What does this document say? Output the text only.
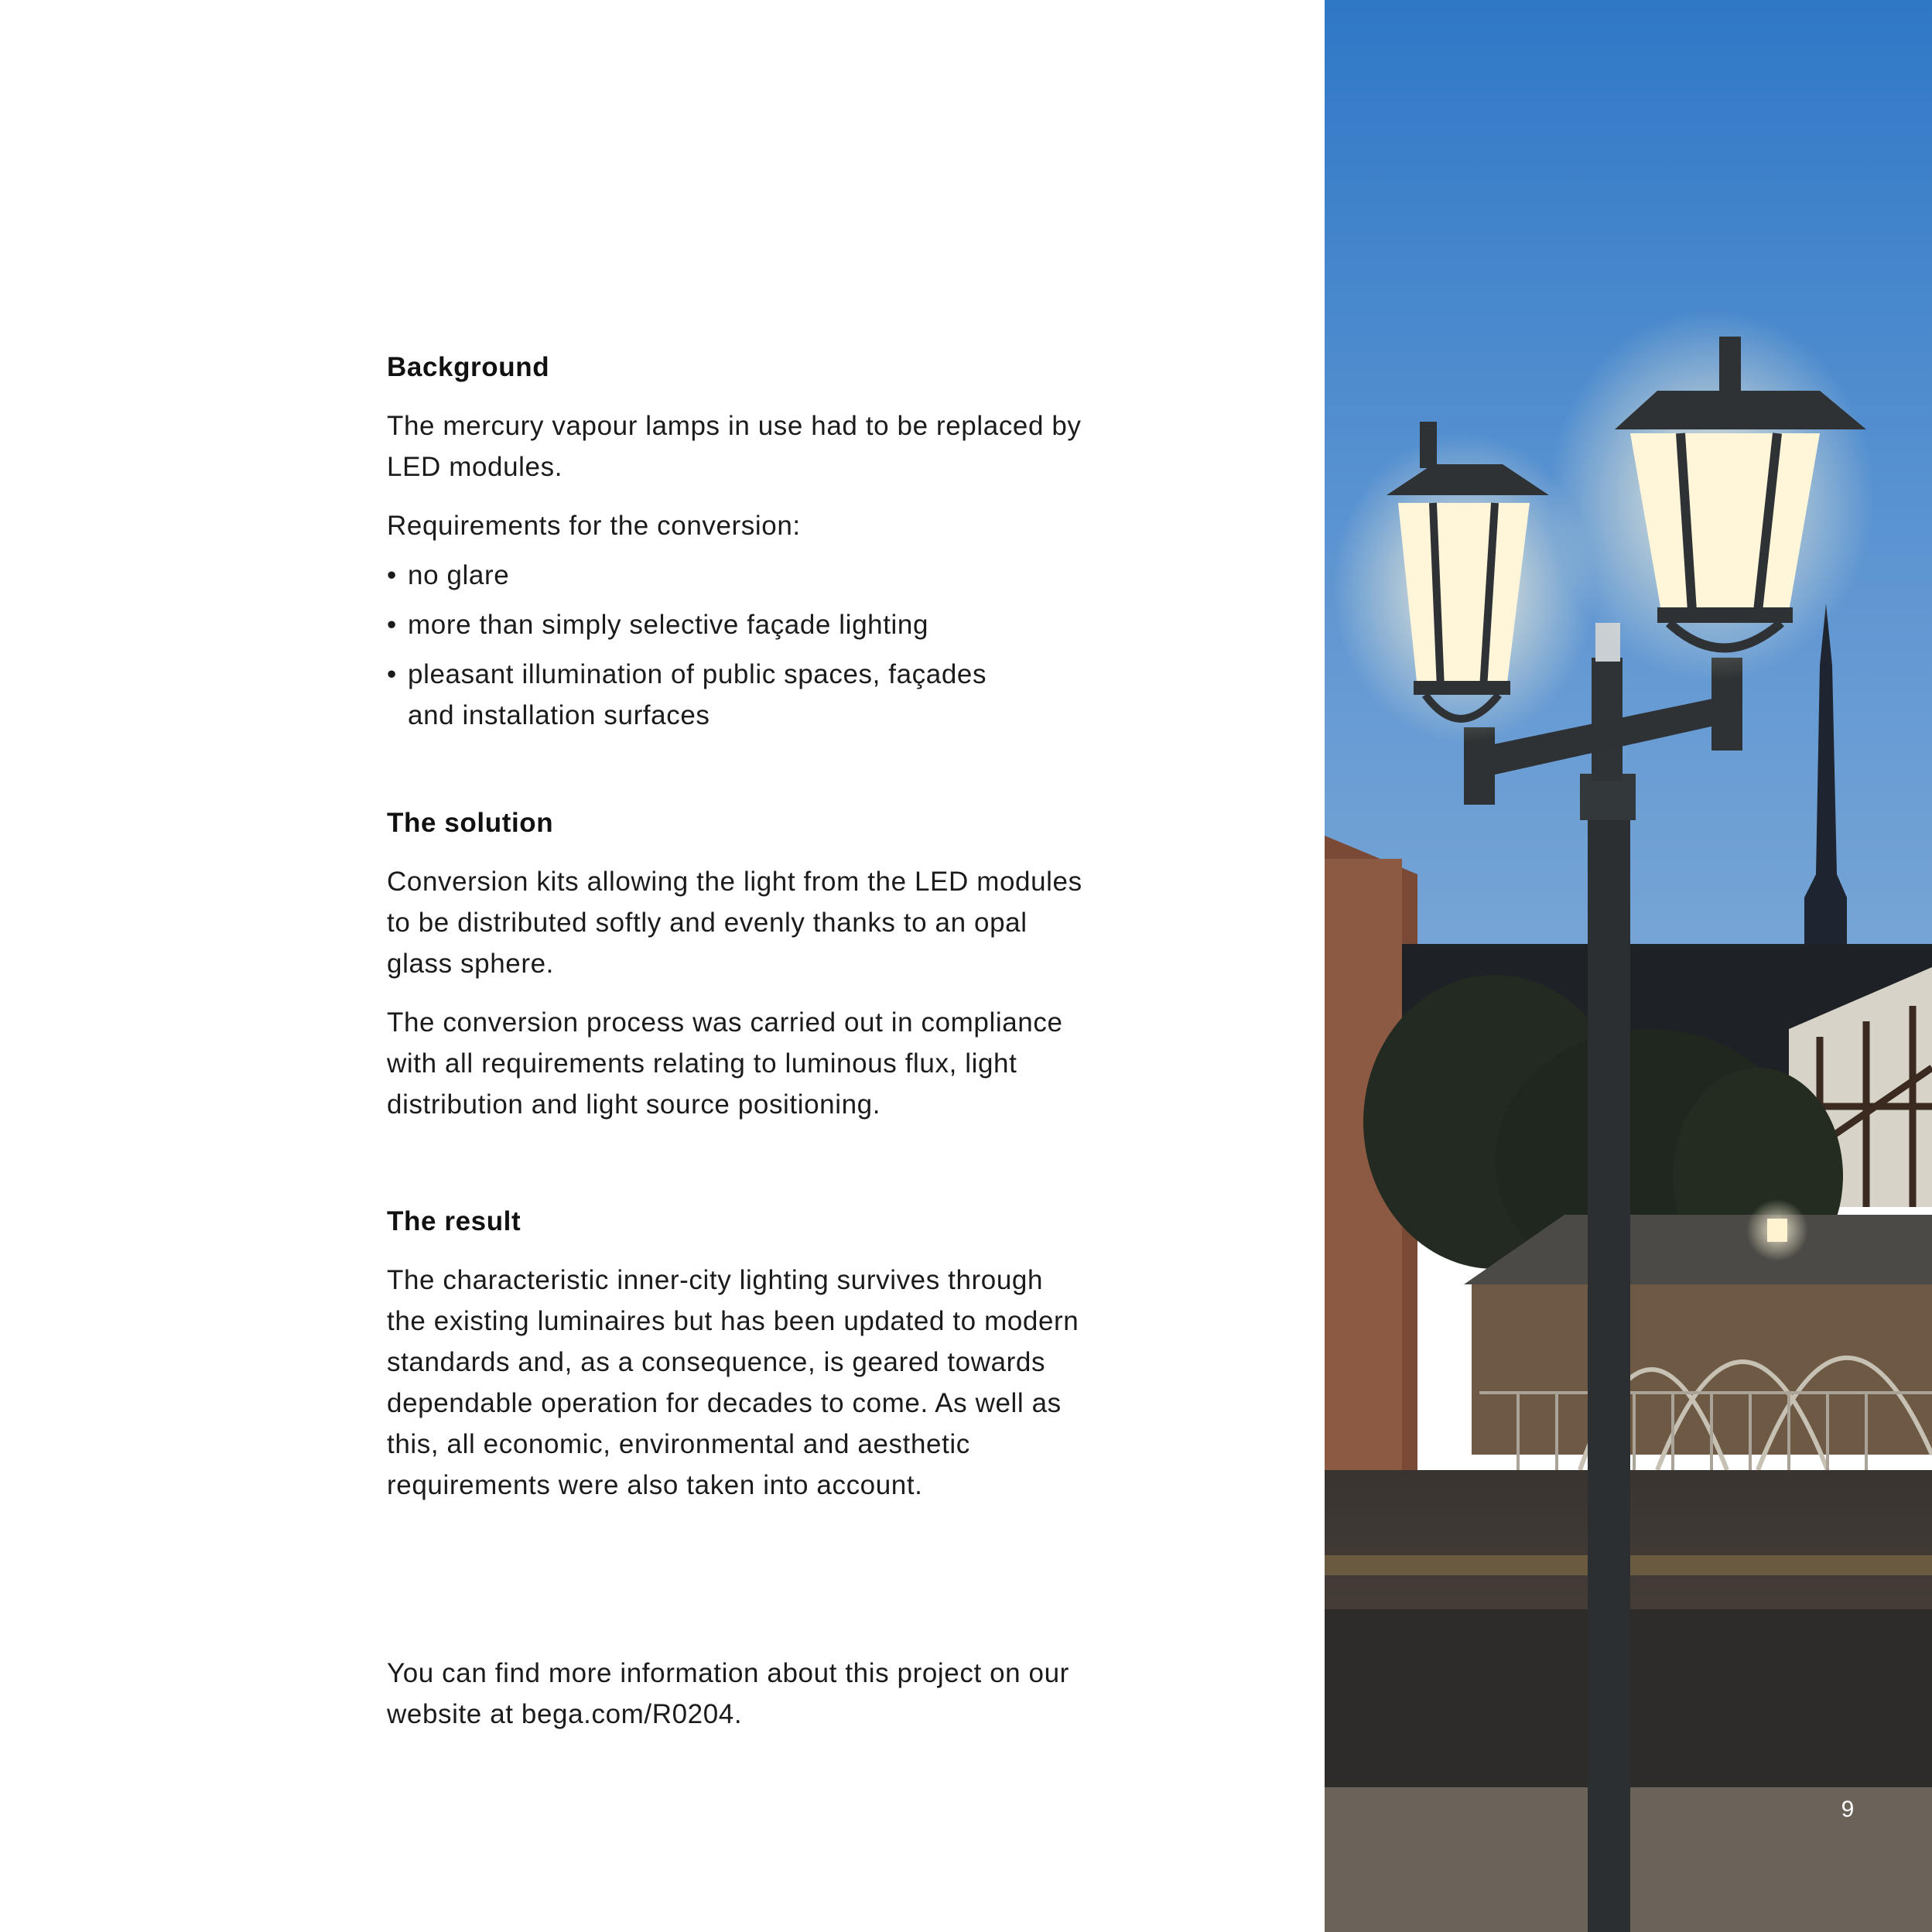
Background

The mercury vapour lamps in use had to be replaced by LED modules.

Requirements for the conversion:

• no glare
• more than simply selective façade lighting
• pleasant illumination of public spaces, façades and installation surfaces
The solution

Conversion kits allowing the light from the LED modules to be distributed softly and evenly thanks to an opal glass sphere.

The conversion process was carried out in compliance with all requirements relating to luminous flux, light distribution and light source positioning.

The result

The characteristic inner-city lighting survives through the existing luminaires but has been updated to modern standards and, as a consequence, is geared towards dependable operation for decades to come. As well as this, all economic, environmental and aesthetic requirements were also taken into account.

You can find more information about this project on our website at bega.com/R0204.

9
